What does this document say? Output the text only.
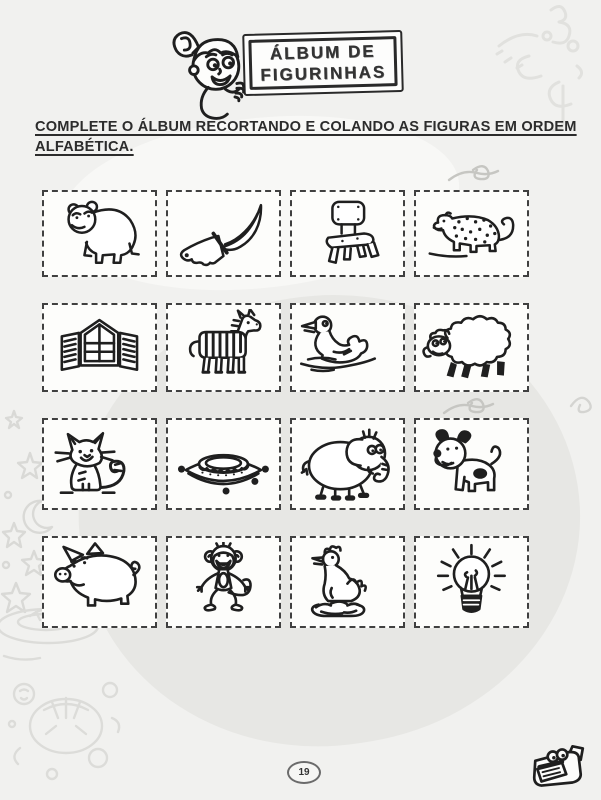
ÁLBUM DE
FIGURINHAS
COMPLETE O ÁLBUM RECORTANDO E COLANDO AS FIGURAS EM ORDEM ALFABÉTICA.
19
